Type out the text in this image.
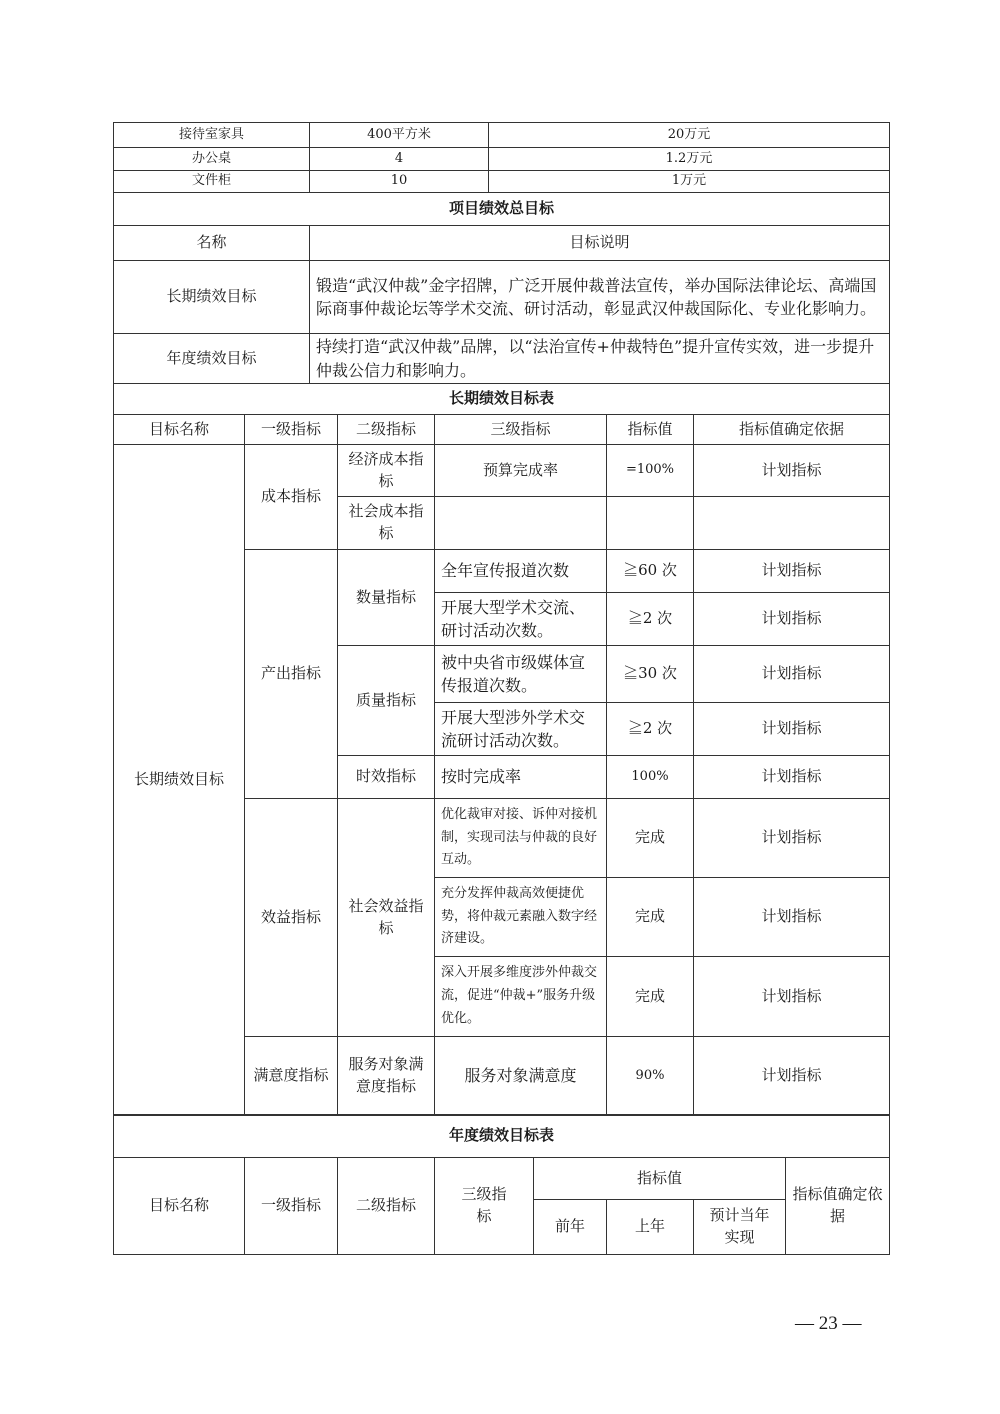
接待室家具	400平方米	20万元
办公桌	4	1.2万元
文件柜	10	1万元
项目绩效总目标		
名称	目标说明	
长期绩效目标	锻造“武汉仲裁”金字招牌，广泛开展仲裁普法宣传，举办国际法律论坛、高端国际商事仲裁论坛等学术交流、研讨活动，彰显武汉仲裁国际化、专业化影响力。	
年度绩效目标	持续打造“武汉仲裁”品牌，以“法治宣传+仲裁特色”提升宣传实效，进一步提升仲裁公信力和影响力。	
长期绩效目标表					
目标名称	一级指标	二级指标	三级指标	指标值	指标值确定依据
长期绩效目标	成本指标	经济成本指标	预算完成率	=100%	计划指标
		社会成本指标			
	产出指标	数量指标	全年宣传报道次数	≧60 次	计划指标
			开展大型学术交流、研讨活动次数。	≧2 次	计划指标
		质量指标	被中央省市级媒体宣传报道次数。	≧30 次	计划指标
			开展大型涉外学术交流研讨活动次数。	≧2 次	计划指标
		时效指标	按时完成率	100%	计划指标
	效益指标	社会效益指标	优化裁审对接、诉仲对接机制，实现司法与仲裁的良好互动。	完成	计划指标
			充分发挥仲裁高效便捷优势，将仲裁元素融入数字经济建设。	完成	计划指标
			深入开展多维度涉外仲裁交流，促进“仲裁+”服务升级优化。	完成	计划指标
	满意度指标	服务对象满意度指标	服务对象满意度	90%	计划指标
年度绩效目标表							
目标名称	一级指标	二级指标	三级指标	指标值			指标值确定依据
				前年	上年	预计当年实现	
— 23 —
